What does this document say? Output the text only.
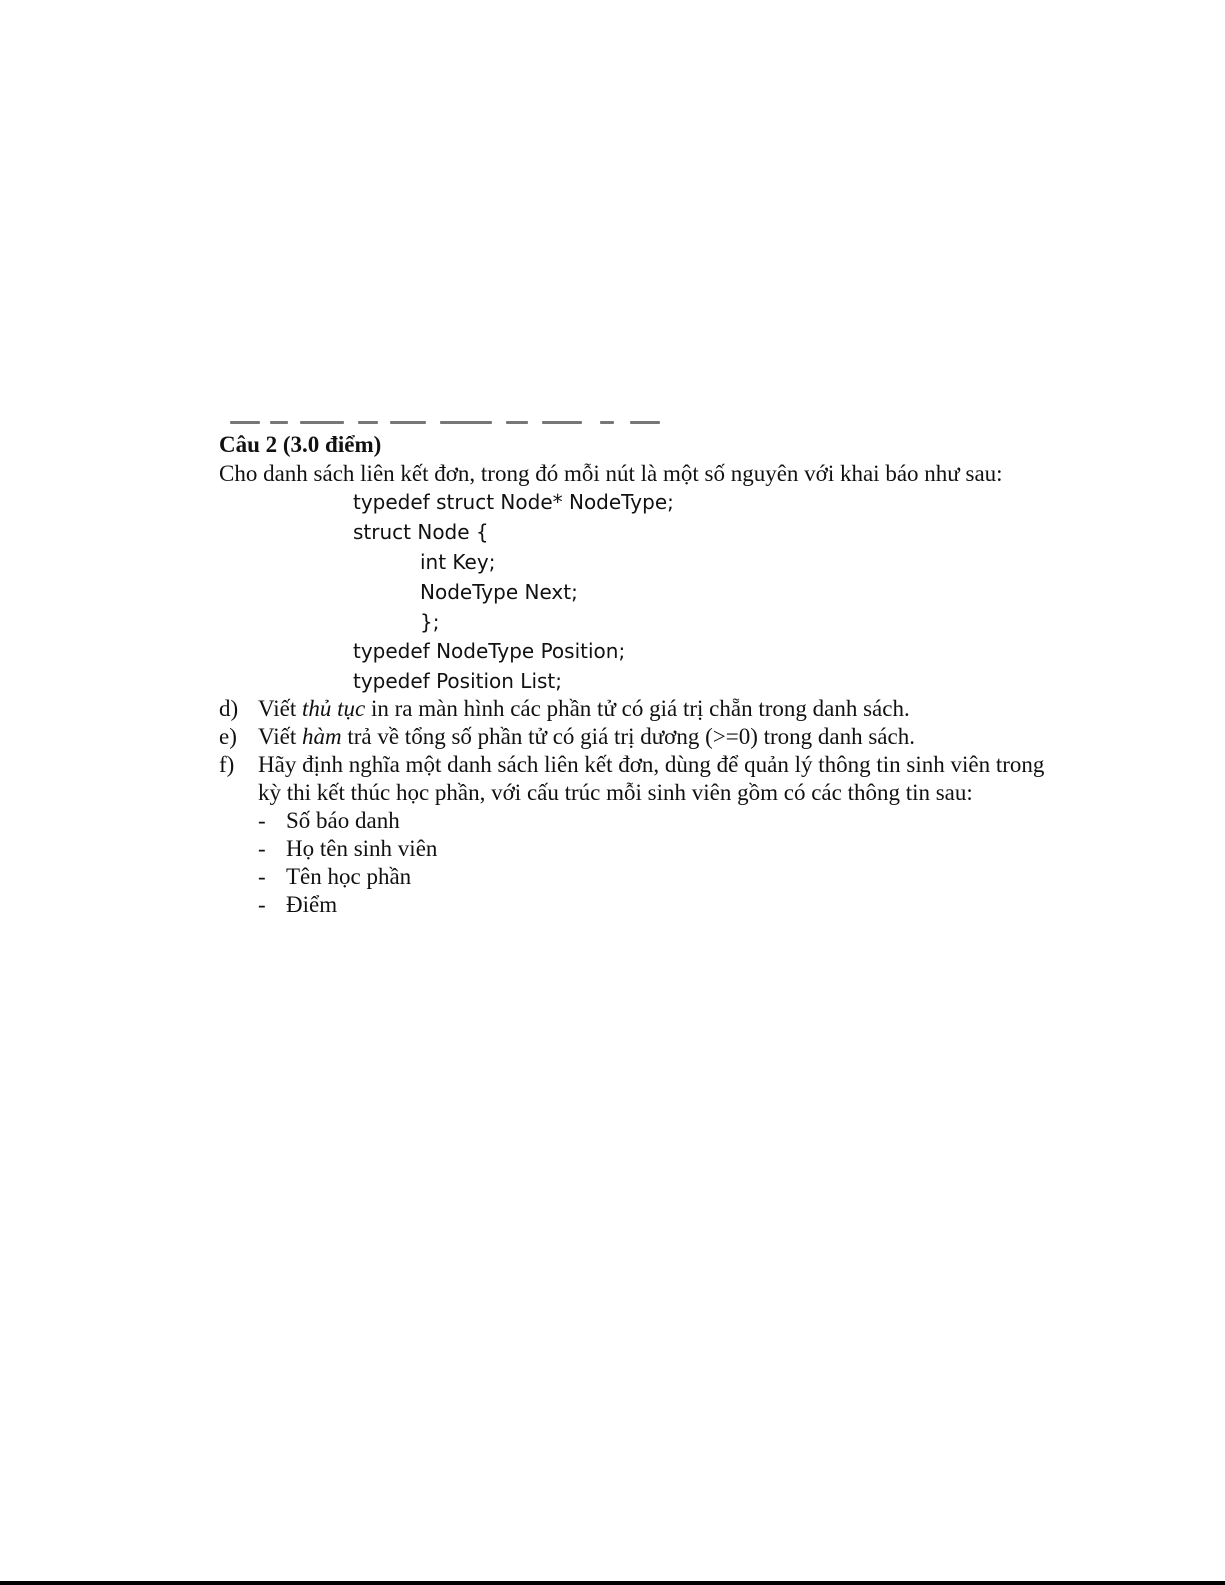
Câu 2 (3.0 điểm)
Cho danh sách liên kết đơn, trong đó mỗi nút là một số nguyên với khai báo như sau:
typedef struct Node* NodeType;
struct Node {
int Key;
NodeType Next;
};
typedef NodeType Position;
typedef Position List;
d) Viết thủ tục in ra màn hình các phần tử có giá trị chẵn trong danh sách.
e) Viết hàm trả về tổng số phần tử có giá trị dương (>=0) trong danh sách.
f) Hãy định nghĩa một danh sách liên kết đơn, dùng để quản lý thông tin sinh viên trong
kỳ thi kết thúc học phần, với cấu trúc mỗi sinh viên gồm có các thông tin sau:
- Số báo danh
- Họ tên sinh viên
- Tên học phần
- Điểm
